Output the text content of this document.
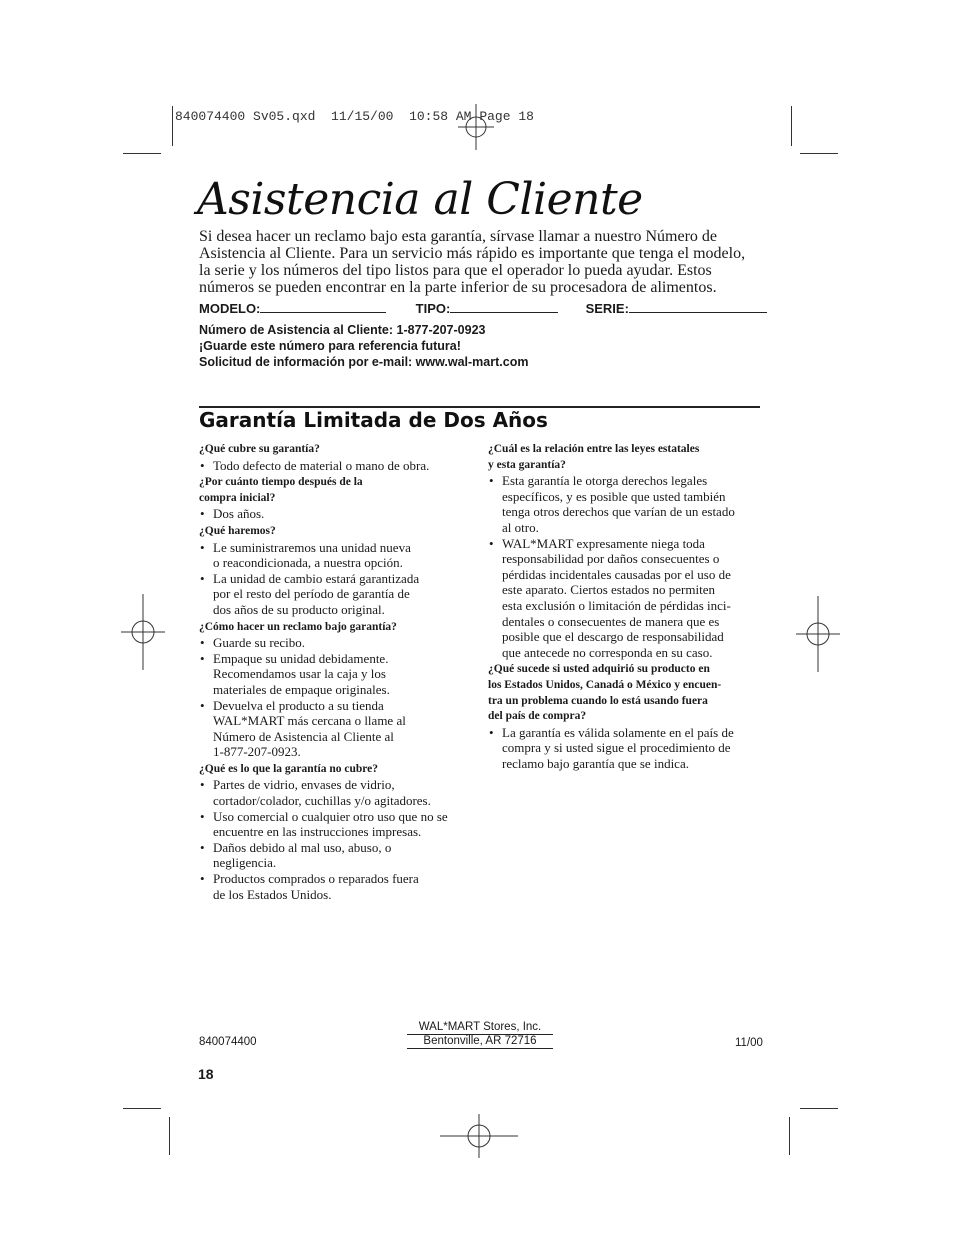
840074400 Sv05.qxd 11/15/00 10:58 AM Page 18
Asistencia al Cliente
Si desea hacer un reclamo bajo esta garantía, sírvase llamar a nuestro Número de
Asistencia al Cliente. Para un servicio más rápido es importante que tenga el modelo,
la serie y los números del tipo listos para que el operador lo pueda ayudar. Estos
números se pueden encontrar en la parte inferior de su procesadora de alimentos.
MODELO:	TIPO:	SERIE:
Número de Asistencia al Cliente: 1-877-207-0923
¡Guarde este número para referencia futura!
Solicitud de información por e-mail: www.wal-mart.com
Garantía Limitada de Dos Años
¿Qué cubre su garantía?
• Todo defecto de material o mano de obra.
¿Por cuánto tiempo después de la
compra inicial?
• Dos años.
¿Qué haremos?
• Le suministraremos una unidad nueva
o reacondicionada, a nuestra opción.
• La unidad de cambio estará garantizada
por el resto del período de garantía de
dos años de su producto original.
¿Cómo hacer un reclamo bajo garantía?
• Guarde su recibo.
• Empaque su unidad debidamente.
Recomendamos usar la caja y los
materiales de empaque originales.
• Devuelva el producto a su tienda
WAL*MART más cercana o llame al
Número de Asistencia al Cliente al
1-877-207-0923.
¿Qué es lo que la garantía no cubre?
• Partes de vidrio, envases de vidrio,
cortador/colador, cuchillas y/o agitadores.
• Uso comercial o cualquier otro uso que no se
encuentre en las instrucciones impresas.
• Daños debido al mal uso, abuso, o
negligencia.
• Productos comprados o reparados fuera
de los Estados Unidos.
¿Cuál es la relación entre las leyes estatales
y esta garantía?
• Esta garantía le otorga derechos legales
específicos, y es posible que usted también
tenga otros derechos que varían de un estado
al otro.
• WAL*MART expresamente niega toda
responsabilidad por daños consecuentes o
pérdidas incidentales causadas por el uso de
este aparato. Ciertos estados no permiten
esta exclusión o limitación de pérdidas inci-
dentales o consecuentes de manera que es
posible que el descargo de responsabilidad
que antecede no corresponda en su caso.
¿Qué sucede si usted adquirió su producto en
los Estados Unidos, Canadá o México y encuen-
tra un problema cuando lo está usando fuera
del país de compra?
• La garantía es válida solamente en el país de
compra y si usted sigue el procedimiento de
reclamo bajo garantía que se indica.
840074400
WAL*MART Stores, Inc.
Bentonville, AR 72716	11/00
18
